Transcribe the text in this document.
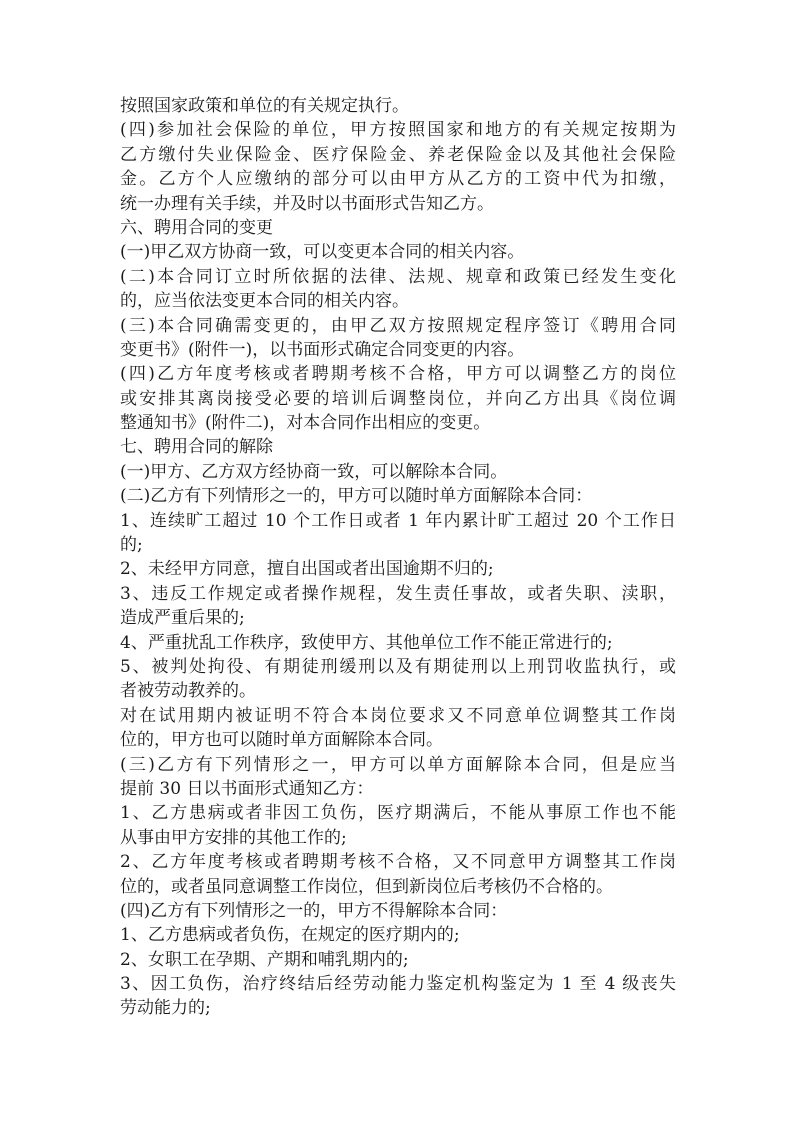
按照国家政策和单位的有关规定执行。
(四)参加社会保险的单位，甲方按照国家和地方的有关规定按期为
乙方缴付失业保险金、医疗保险金、养老保险金以及其他社会保险
金。乙方个人应缴纳的部分可以由甲方从乙方的工资中代为扣缴，
统一办理有关手续，并及时以书面形式告知乙方。
六、聘用合同的变更
(一)甲乙双方协商一致，可以变更本合同的相关内容。
(二)本合同订立时所依据的法律、法规、规章和政策已经发生变化
的，应当依法变更本合同的相关内容。
(三)本合同确需变更的，由甲乙双方按照规定程序签订《聘用合同
变更书》(附件一)，以书面形式确定合同变更的内容。
(四)乙方年度考核或者聘期考核不合格，甲方可以调整乙方的岗位
或安排其离岗接受必要的培训后调整岗位，并向乙方出具《岗位调
整通知书》(附件二)，对本合同作出相应的变更。
七、聘用合同的解除
(一)甲方、乙方双方经协商一致，可以解除本合同。
(二)乙方有下列情形之一的，甲方可以随时单方面解除本合同：
1、连续旷工超过 10 个工作日或者 1 年内累计旷工超过 20 个工作日
的;
2、未经甲方同意，擅自出国或者出国逾期不归的;
3、违反工作规定或者操作规程，发生责任事故，或者失职、渎职，
造成严重后果的;
4、严重扰乱工作秩序，致使甲方、其他单位工作不能正常进行的;
5、被判处拘役、有期徒刑缓刑以及有期徒刑以上刑罚收监执行，或
者被劳动教养的。
对在试用期内被证明不符合本岗位要求又不同意单位调整其工作岗
位的，甲方也可以随时单方面解除本合同。
(三)乙方有下列情形之一，甲方可以单方面解除本合同，但是应当
提前 30 日以书面形式通知乙方：
1、乙方患病或者非因工负伤，医疗期满后，不能从事原工作也不能
从事由甲方安排的其他工作的;
2、乙方年度考核或者聘期考核不合格，又不同意甲方调整其工作岗
位的，或者虽同意调整工作岗位，但到新岗位后考核仍不合格的。
(四)乙方有下列情形之一的，甲方不得解除本合同：
1、乙方患病或者负伤，在规定的医疗期内的;
2、女职工在孕期、产期和哺乳期内的;
3、因工负伤，治疗终结后经劳动能力鉴定机构鉴定为 1 至 4 级丧失
劳动能力的;
